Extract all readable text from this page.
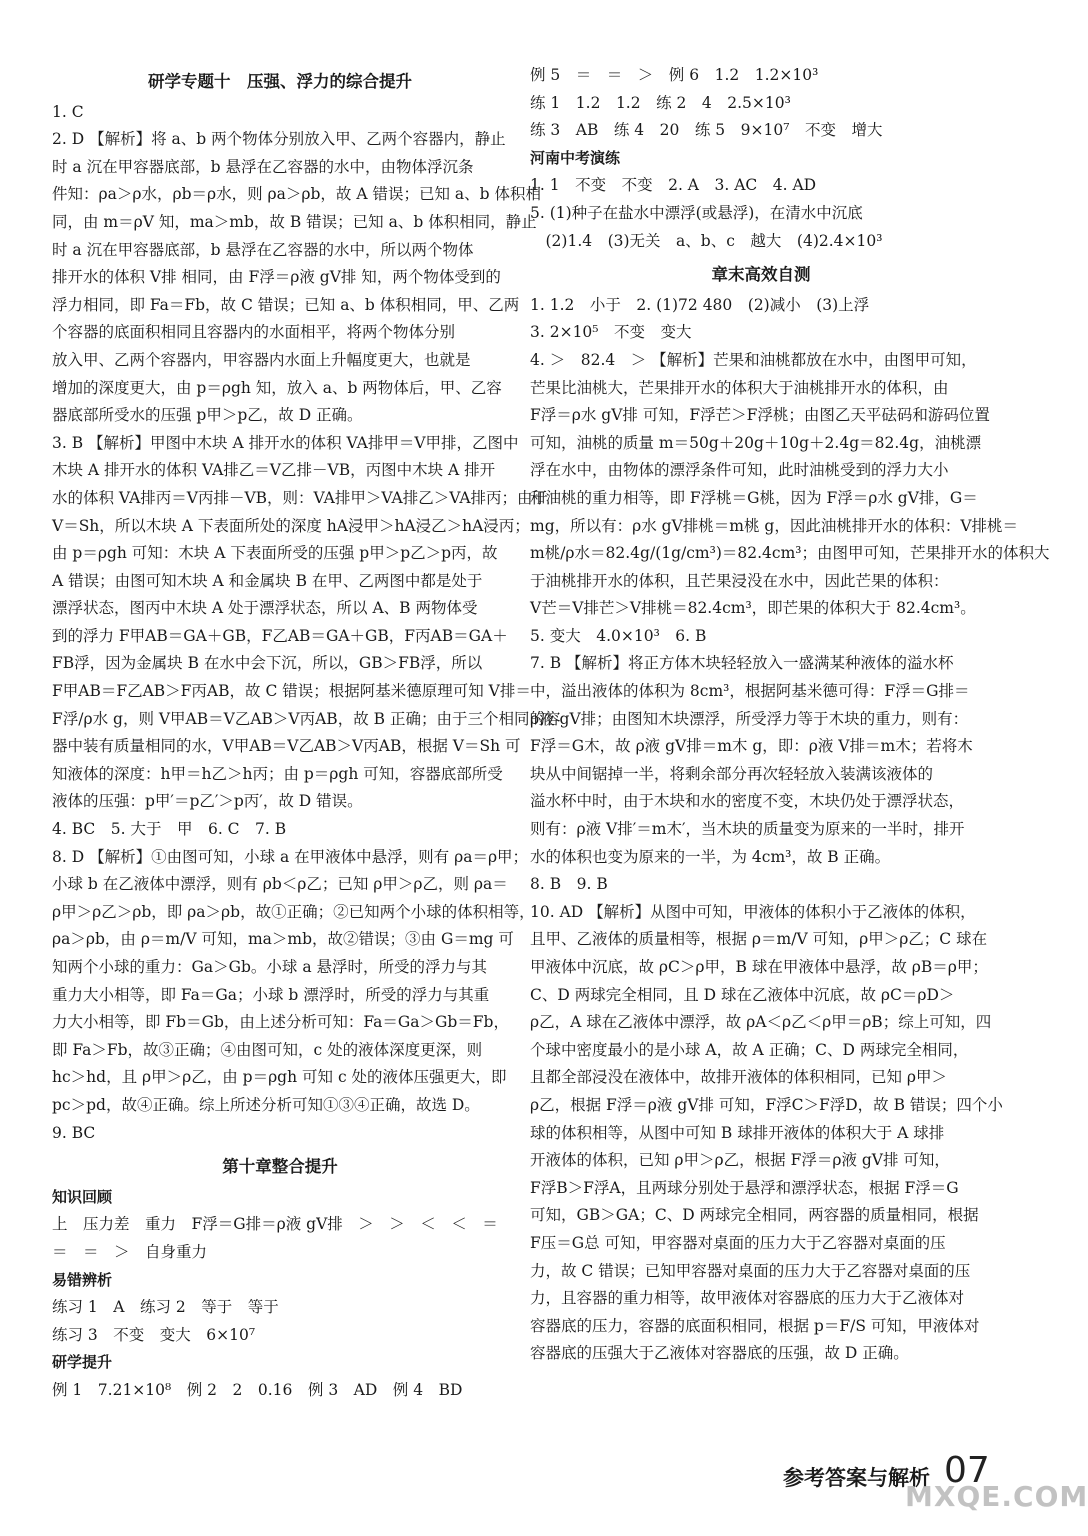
研学专题十　压强、浮力的综合提升
1. C
2. D 【解析】将 a、b 两个物体分别放入甲、乙两个容器内，静止
时 a 沉在甲容器底部，b 悬浮在乙容器的水中，由物体浮沉条
件知：ρa＞ρ水，ρb＝ρ水，则 ρa＞ρb，故 A 错误；已知 a、b 体积相
同，由 m＝ρV 知，ma＞mb，故 B 错误；已知 a、b 体积相同，静止
时 a 沉在甲容器底部，b 悬浮在乙容器的水中，所以两个物体
排开水的体积 V排 相同，由 F浮＝ρ液 gV排 知，两个物体受到的
浮力相同，即 Fa＝Fb，故 C 错误；已知 a、b 体积相同，甲、乙两
个容器的底面积相同且容器内的水面相平，将两个物体分别
放入甲、乙两个容器内，甲容器内水面上升幅度更大，也就是
增加的深度更大，由 p＝ρgh 知，放入 a、b 两物体后，甲、乙容
器底部所受水的压强 p甲＞p乙，故 D 正确。
3. B 【解析】甲图中木块 A 排开水的体积 VA排甲＝V甲排，乙图中
木块 A 排开水的体积 VA排乙＝V乙排－VB，丙图中木块 A 排开
水的体积 VA排丙＝V丙排－VB，则：VA排甲＞VA排乙＞VA排丙；由于
V＝Sh，所以木块 A 下表面所处的深度 hA浸甲＞hA浸乙＞hA浸丙；
由 p＝ρgh 可知：木块 A 下表面所受的压强 p甲＞p乙＞p丙，故
A 错误；由图可知木块 A 和金属块 B 在甲、乙两图中都是处于
漂浮状态，图丙中木块 A 处于漂浮状态，所以 A、B 两物体受
到的浮力 F甲AB＝GA＋GB，F乙AB＝GA＋GB，F丙AB＝GA＋
FB浮，因为金属块 B 在水中会下沉，所以，GB＞FB浮，所以
F甲AB＝F乙AB＞F丙AB，故 C 错误；根据阿基米德原理可知 V排＝
F浮/ρ水 g，则 V甲AB＝V乙AB＞V丙AB，故 B 正确；由于三个相同的容
器中装有质量相同的水，V甲AB＝V乙AB＞V丙AB，根据 V＝Sh 可
知液体的深度：h甲＝h乙＞h丙；由 p＝ρgh 可知，容器底部所受
液体的压强：p甲′＝p乙′＞p丙′，故 D 错误。
4. BC　5. 大于　甲　6. C　7. B
8. D 【解析】①由图可知，小球 a 在甲液体中悬浮，则有 ρa＝ρ甲；
小球 b 在乙液体中漂浮，则有 ρb＜ρ乙；已知 ρ甲＞ρ乙，则 ρa＝
ρ甲＞ρ乙＞ρb，即 ρa＞ρb，故①正确；②已知两个小球的体积相等，
ρa＞ρb，由 ρ＝m/V 可知，ma＞mb，故②错误；③由 G＝mg 可
知两个小球的重力：Ga＞Gb。小球 a 悬浮时，所受的浮力与其
重力大小相等，即 Fa＝Ga；小球 b 漂浮时，所受的浮力与其重
力大小相等，即 Fb＝Gb，由上述分析可知：Fa＝Ga＞Gb＝Fb，
即 Fa＞Fb，故③正确；④由图可知，c 处的液体深度更深，则
hc＞hd，且 ρ甲＞ρ乙，由 p＝ρgh 可知 c 处的液体压强更大，即
pc＞pd，故④正确。综上所述分析可知①③④正确，故选 D。
9. BC
第十章整合提升
知识回顾
上　压力差　重力　F浮＝G排＝ρ液 gV排　＞　＞　＜　＜　＝
＝　＝　＞　自身重力
易错辨析
练习 1　A　练习 2　等于　等于
练习 3　不变　变大　6×10⁷
研学提升
例 1　7.21×10⁸　例 2　2　0.16　例 3　AD　例 4　BD
例 5　＝　＝　＞　例 6　1.2　1.2×10³
练 1　1.2　1.2　练 2　4　2.5×10³
练 3　AB　练 4　20　练 5　9×10⁷　不变　增大
河南中考演练
1. 1　不变　不变　2. A　3. AC　4. AD
5. (1)种子在盐水中漂浮(或悬浮)，在清水中沉底
　(2)1.4　(3)无关　a、b、c　越大　(4)2.4×10³
章末高效自测
1. 1.2　小于　2. (1)72 480　(2)减小　(3)上浮
3. 2×10⁵　不变　变大
4. ＞　82.4　＞ 【解析】芒果和油桃都放在水中，由图甲可知，
芒果比油桃大，芒果排开水的体积大于油桃排开水的体积，由
F浮＝ρ水 gV排 可知，F浮芒＞F浮桃；由图乙天平砝码和游码位置
可知，油桃的质量 m＝50g＋20g＋10g＋2.4g＝82.4g，油桃漂
浮在水中，由物体的漂浮条件可知，此时油桃受到的浮力大小
和油桃的重力相等，即 F浮桃＝G桃，因为 F浮＝ρ水 gV排，G＝
mg，所以有：ρ水 gV排桃＝m桃 g，因此油桃排开水的体积：V排桃＝
m桃/ρ水＝82.4g/(1g/cm³)＝82.4cm³；由图甲可知，芒果排开水的体积大
于油桃排开水的体积，且芒果浸没在水中，因此芒果的体积：
V芒＝V排芒＞V排桃＝82.4cm³，即芒果的体积大于 82.4cm³。
5. 变大　4.0×10³　6. B
7. B 【解析】将正方体木块轻轻放入一盛满某种液体的溢水杯
中，溢出液体的体积为 8cm³，根据阿基米德可得：F浮＝G排＝
ρ液 gV排；由图知木块漂浮，所受浮力等于木块的重力，则有：
F浮＝G木，故 ρ液 gV排＝m木 g，即：ρ液 V排＝m木；若将木
块从中间锯掉一半，将剩余部分再次轻轻放入装满该液体的
溢水杯中时，由于木块和水的密度不变，木块仍处于漂浮状态，
则有：ρ液 V排′＝m木′，当木块的质量变为原来的一半时，排开
水的体积也变为原来的一半，为 4cm³，故 B 正确。
8. B　9. B
10. AD 【解析】从图中可知，甲液体的体积小于乙液体的体积，
且甲、乙液体的质量相等，根据 ρ＝m/V 可知，ρ甲＞ρ乙；C 球在
甲液体中沉底，故 ρC＞ρ甲，B 球在甲液体中悬浮，故 ρB＝ρ甲；
C、D 两球完全相同，且 D 球在乙液体中沉底，故 ρC＝ρD＞
ρ乙，A 球在乙液体中漂浮，故 ρA＜ρ乙＜ρ甲＝ρB；综上可知，四
个球中密度最小的是小球 A，故 A 正确；C、D 两球完全相同，
且都全部浸没在液体中，故排开液体的体积相同，已知 ρ甲＞
ρ乙，根据 F浮＝ρ液 gV排 可知，F浮C＞F浮D，故 B 错误；四个小
球的体积相等，从图中可知 B 球排开液体的体积大于 A 球排
开液体的体积，已知 ρ甲＞ρ乙，根据 F浮＝ρ液 gV排 可知，
F浮B＞F浮A，且两球分别处于悬浮和漂浮状态，根据 F浮＝G
可知，GB＞GA；C、D 两球完全相同，两容器的质量相同，根据
F压＝G总 可知，甲容器对桌面的压力大于乙容器对桌面的压
力，故 C 错误；已知甲容器对桌面的压力大于乙容器对桌面的压
力，且容器的重力相等，故甲液体对容器底的压力大于乙液体对
容器底的压力，容器的底面积相同，根据 p＝F/S 可知，甲液体对
容器底的压强大于乙液体对容器底的压强，故 D 正确。
参考答案与解析 07
MXQE.COM
